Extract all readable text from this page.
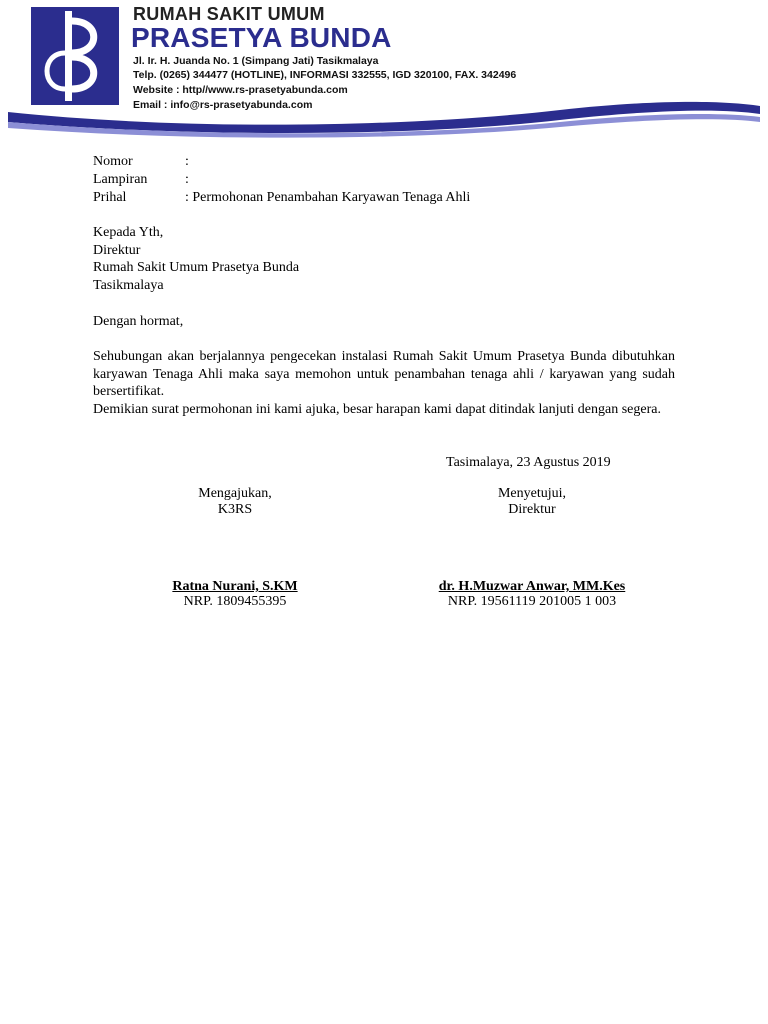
RUMAH SAKIT UMUM
PRASETYA BUNDA
Jl. Ir. H. Juanda No. 1 (Simpang Jati) Tasikmalaya
Telp. (0265) 344477 (HOTLINE), INFORMASI 332555, IGD 320100, FAX. 342496
Website : http//www.rs-prasetyabunda.com
Email : info@rs-prasetyabunda.com
Nomor	:
Lampiran	:
Prihal	: Permohonan Penambahan Karyawan Tenaga Ahli
Kepada Yth,
Direktur
Rumah Sakit Umum Prasetya Bunda
Tasikmalaya
Dengan hormat,
Sehubungan akan berjalannya pengecekan instalasi Rumah Sakit Umum Prasetya Bunda dibutuhkan karyawan Tenaga Ahli maka saya memohon untuk penambahan tenaga ahli / karyawan yang sudah bersertifikat.
Demikian surat permohonan ini kami ajuka, besar harapan kami dapat ditindak lanjuti dengan segera.
Tasimalaya, 23 Agustus 2019
Mengajukan,
K3RS
Ratna Nurani, S.KM
NRP. 1809455395
Menyetujui,
Direktur
dr. H.Muzwar Anwar, MM.Kes
NRP. 19561119 201005 1 003
